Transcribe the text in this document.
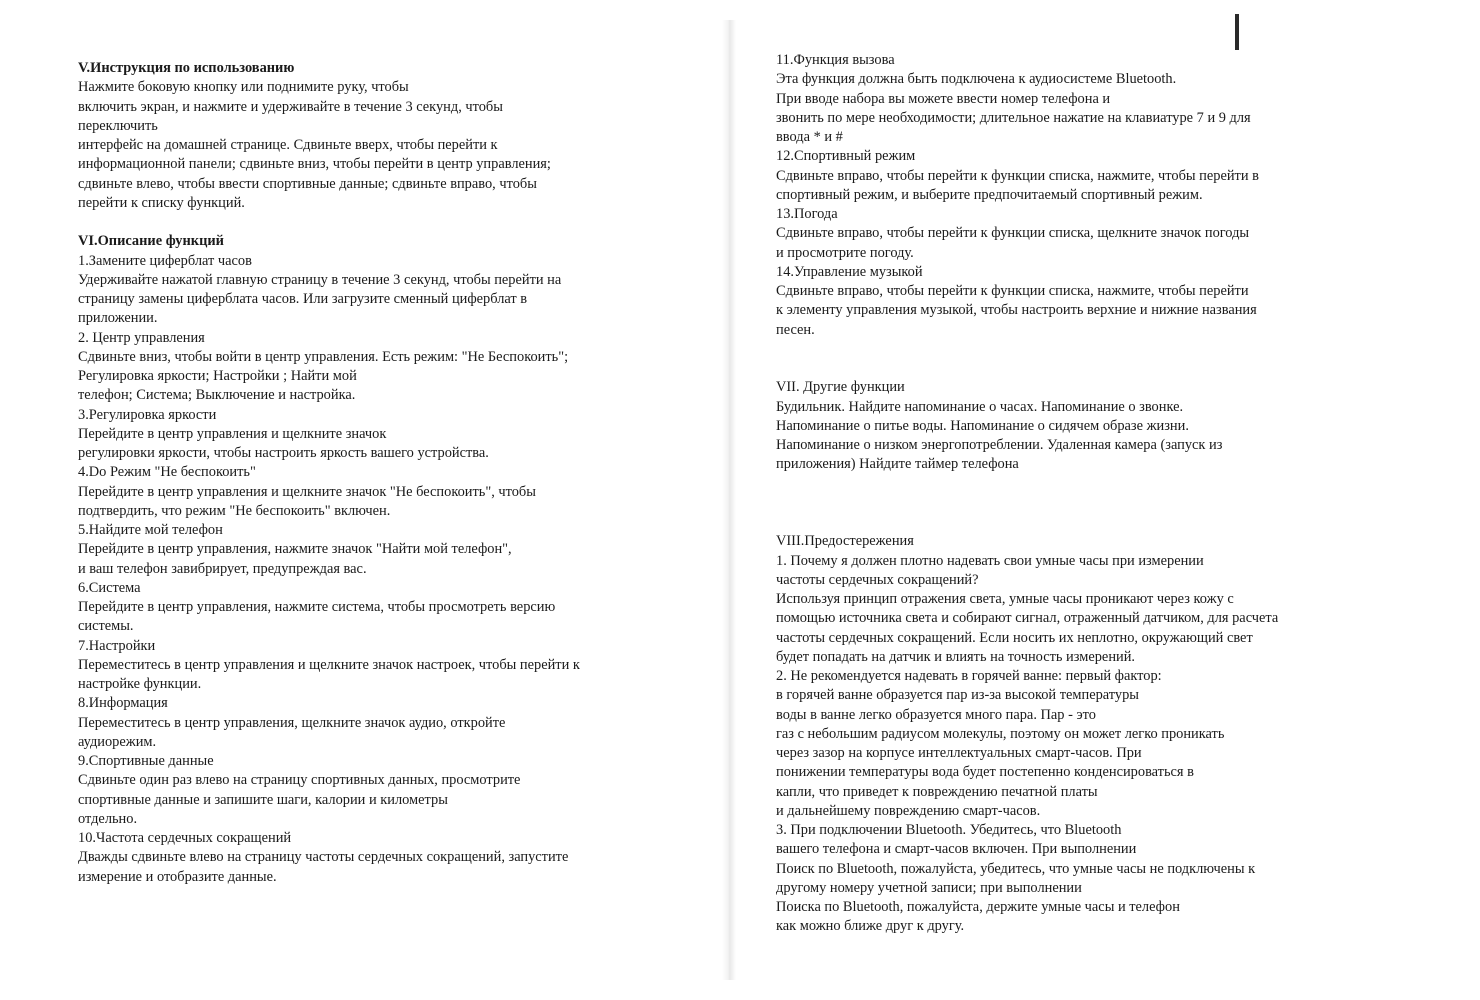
V.Инструкция по использованию

Нажмите боковую кнопку или поднимите руку, чтобы

включить экран, и нажмите и удерживайте в течение 3 секунд, чтобы

переключить

интерфейс на домашней странице. Сдвиньте вверх, чтобы перейти к

информационной панели; сдвиньте вниз, чтобы перейти в центр управления;

сдвиньте влево, чтобы ввести спортивные данные; сдвиньте вправо, чтобы

перейти к списку функций.

VI.Описание функций

1.Замените циферблат часов

Удерживайте нажатой главную страницу в течение 3 секунд, чтобы перейти на

страницу замены циферблата часов. Или загрузите сменный циферблат в

приложении.

2. Центр управления

Сдвиньте вниз, чтобы войти в центр управления. Есть режим: "Не Беспокоить";

Регулировка яркости; Настройки ; Найти мой

телефон; Система; Выключение и настройка.

3.Регулировка яркости

Перейдите в центр управления и щелкните значок

регулировки яркости, чтобы настроить яркость вашего устройства.

4.Do Режим "Не беспокоить"

Перейдите в центр управления и щелкните значок "Не беспокоить", чтобы

подтвердить, что режим "Не беспокоить" включен.

5.Найдите мой телефон

Перейдите в центр управления, нажмите значок "Найти мой телефон",

и ваш телефон завибрирует, предупреждая вас.

6.Система

Перейдите в центр управления, нажмите система, чтобы просмотреть версию

системы.

7.Настройки

Переместитесь в центр управления и щелкните значок настроек, чтобы перейти к

настройке функции.

8.Информация

Переместитесь в центр управления, щелкните значок аудио, откройте

аудиорежим.

9.Спортивные данные

Сдвиньте один раз влево на страницу спортивных данных, просмотрите

спортивные данные и запишите шаги, калории и километры

отдельно.

10.Частота сердечных сокращений

Дважды сдвиньте влево на страницу частоты сердечных сокращений, запустите

измерение и отобразите данные.

11.Функция вызова

Эта функция должна быть подключена к аудиосистеме Bluetooth.

При вводе набора вы можете ввести номер телефона и

звонить по мере необходимости; длительное нажатие на клавиатуре 7 и 9 для

ввода * и #

12.Спортивный режим

Сдвиньте вправо, чтобы перейти к функции списка, нажмите, чтобы перейти в

спортивный режим, и выберите предпочитаемый спортивный режим.

13.Погода

Сдвиньте вправо, чтобы перейти к функции списка, щелкните значок погоды

и просмотрите погоду.

14.Управление музыкой

Сдвиньте вправо, чтобы перейти к функции списка, нажмите, чтобы перейти

к элементу управления музыкой, чтобы настроить верхние и нижние названия

песен.

VII. Другие функции

Будильник. Найдите напоминание о часах. Напоминание о звонке.

Напоминание о питье воды. Напоминание о сидячем образе жизни.

Напоминание о низком энергопотреблении. Удаленная камера (запуск из

приложения) Найдите таймер телефона

VIII.Предостережения

1. Почему я должен плотно надевать свои умные часы при измерении

частоты сердечных сокращений?

Используя принцип отражения света, умные часы проникают через кожу с

помощью источника света и собирают сигнал, отраженный датчиком, для расчета

частоты сердечных сокращений. Если носить их неплотно, окружающий свет

будет попадать на датчик и влиять на точность измерений.

2. Не рекомендуется надевать в горячей ванне: первый фактор:

в горячей ванне образуется пар из-за высокой температуры

воды в ванне легко образуется много пара. Пар - это

газ с небольшим радиусом молекулы, поэтому он может легко проникать

через зазор на корпусе интеллектуальных смарт-часов. При

понижении температуры вода будет постепенно конденсироваться в

капли, что приведет к повреждению печатной платы

и дальнейшему повреждению смарт-часов.

3. При подключении Bluetooth. Убедитесь, что Bluetooth

вашего телефона и смарт-часов включен. При выполнении

Поиск по Bluetooth, пожалуйста, убедитесь, что умные часы не подключены к

другому номеру учетной записи; при выполнении

Поиска по Bluetooth, пожалуйста, держите умные часы и телефон

как можно ближе друг к другу.
